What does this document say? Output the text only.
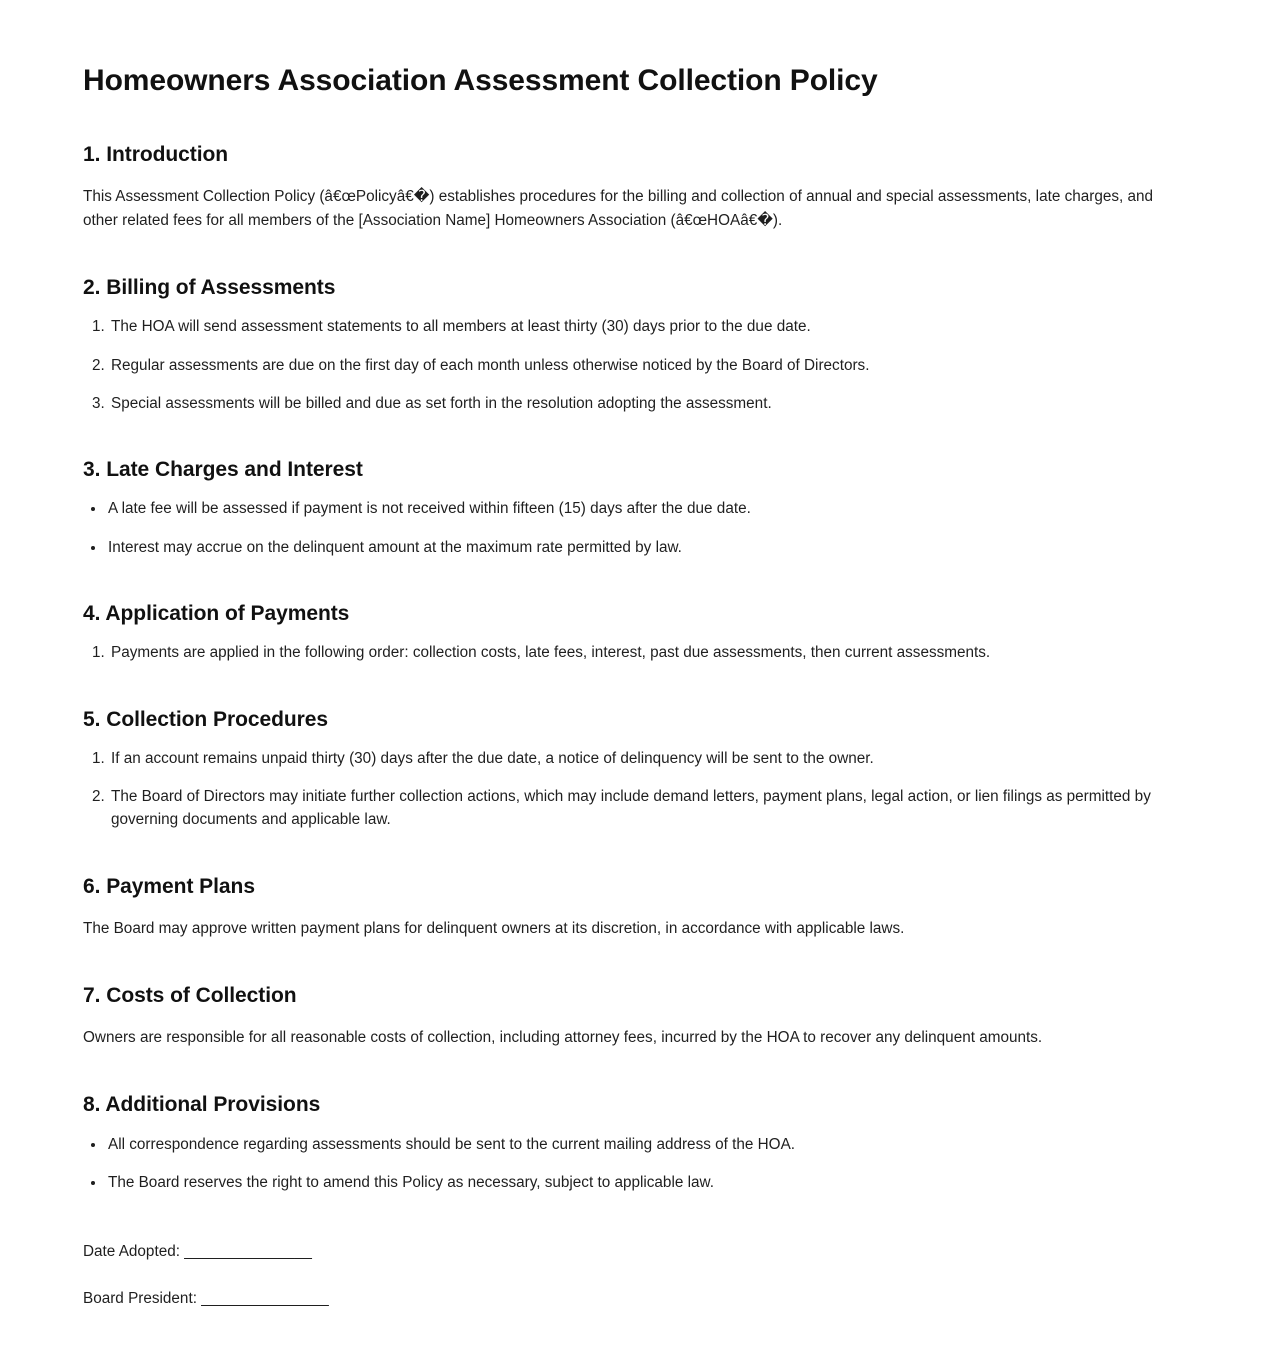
Homeowners Association Assessment Collection Policy
1. Introduction

This Assessment Collection Policy (â€œPolicyâ€�) establishes procedures for the billing and collection of annual and special assessments, late charges, and other related fees for all members of the [Association Name] Homeowners Association (â€œHOAâ€�).

2. Billing of Assessments
1. The HOA will send assessment statements to all members at least thirty (30) days prior to the due date.
2. Regular assessments are due on the first day of each month unless otherwise noticed by the Board of Directors.
3. Special assessments will be billed and due as set forth in the resolution adopting the assessment.
3. Late Charges and Interest
• A late fee will be assessed if payment is not received within fifteen (15) days after the due date.
• Interest may accrue on the delinquent amount at the maximum rate permitted by law.
4. Application of Payments
1. Payments are applied in the following order: collection costs, late fees, interest, past due assessments, then current assessments.
5. Collection Procedures
1. If an account remains unpaid thirty (30) days after the due date, a notice of delinquency will be sent to the owner.
2. The Board of Directors may initiate further collection actions, which may include demand letters, payment plans, legal action, or lien filings as permitted by governing documents and applicable law.
6. Payment Plans

The Board may approve written payment plans for delinquent owners at its discretion, in accordance with applicable laws.

7. Costs of Collection

Owners are responsible for all reasonable costs of collection, including attorney fees, incurred by the HOA to recover any delinquent amounts.

8. Additional Provisions
• All correspondence regarding assessments should be sent to the current mailing address of the HOA.
• The Board reserves the right to amend this Policy as necessary, subject to applicable law.

Date Adopted: _______________

Board President: _______________
